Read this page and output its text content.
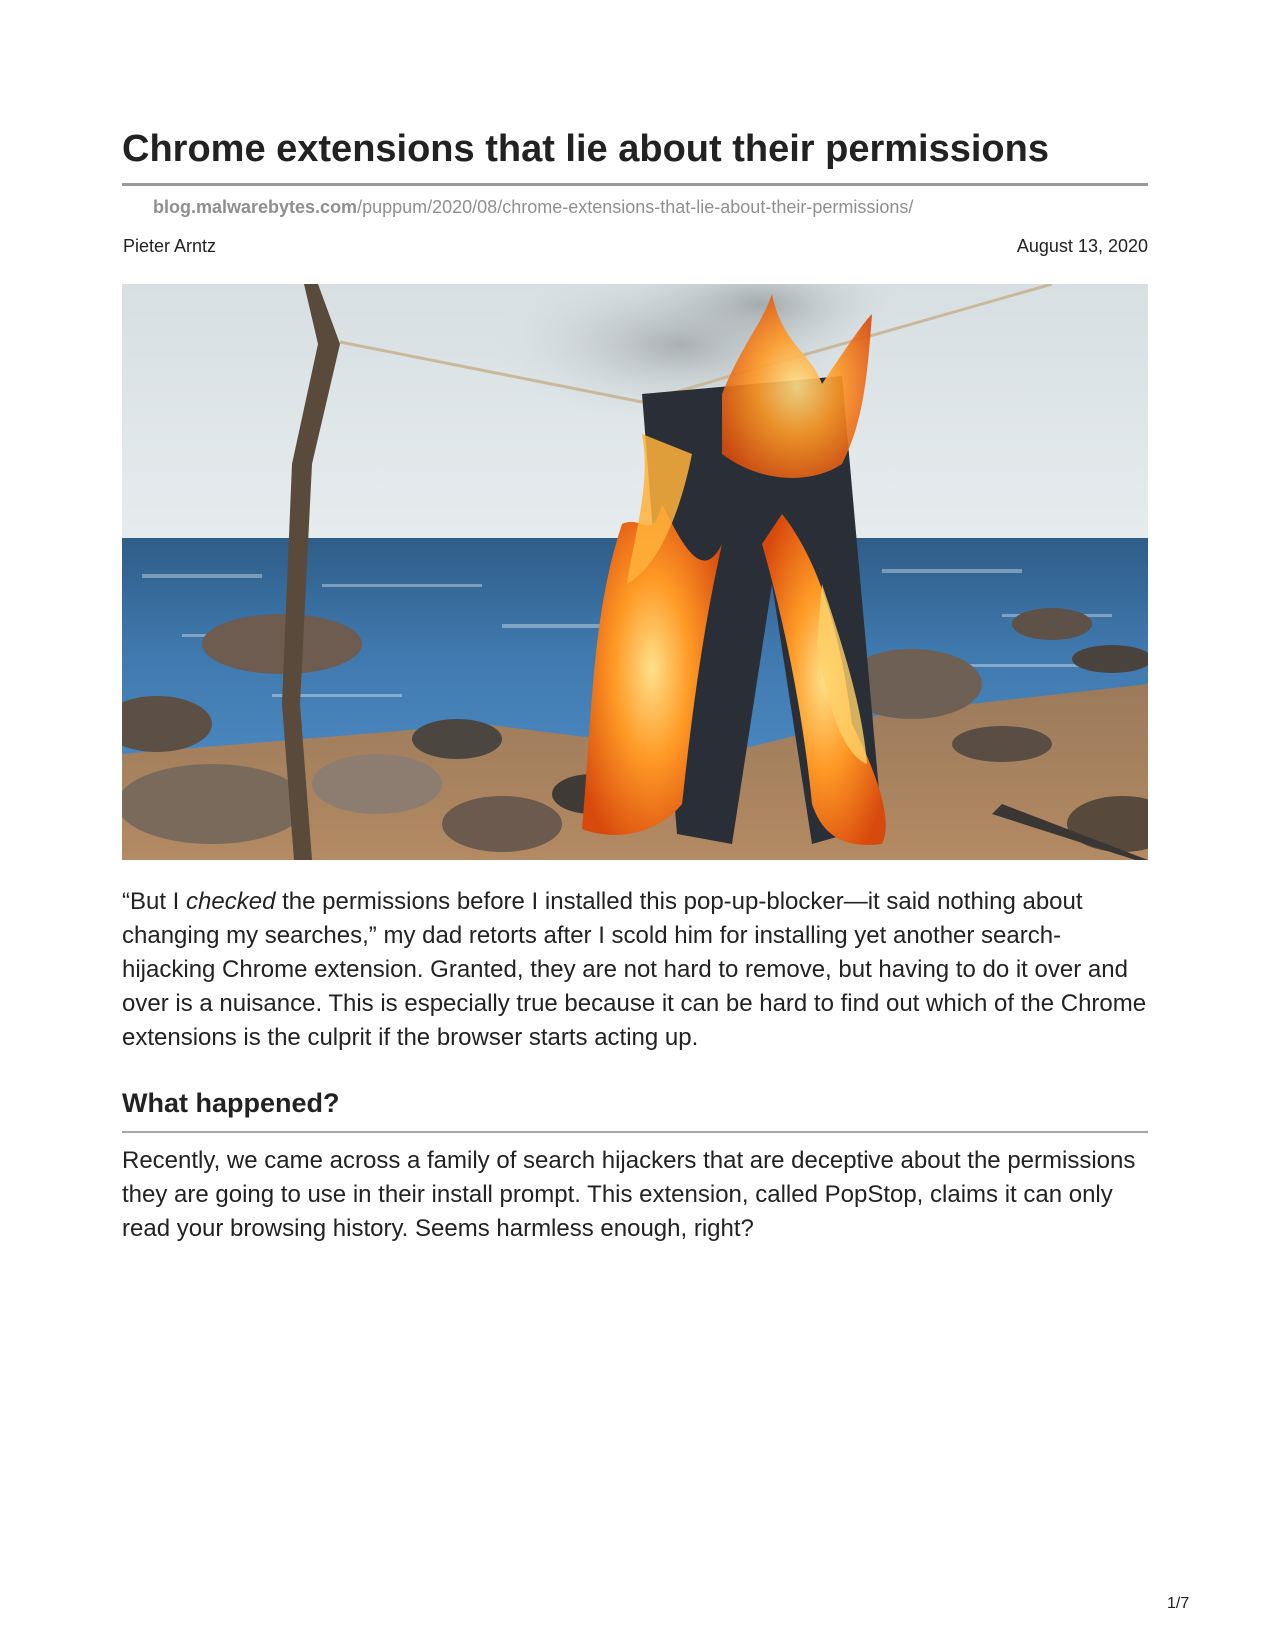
Chrome extensions that lie about their permissions
blog.malwarebytes.com/puppum/2020/08/chrome-extensions-that-lie-about-their-permissions/
Pieter Arntz	August 13, 2020

“But I checked the permissions before I installed this pop-up-blocker—it said nothing about changing my searches,” my dad retorts after I scold him for installing yet another search-hijacking Chrome extension. Granted, they are not hard to remove, but having to do it over and over is a nuisance. This is especially true because it can be hard to find out which of the Chrome extensions is the culprit if the browser starts acting up.

What happened?

Recently, we came across a family of search hijackers that are deceptive about the permissions they are going to use in their install prompt. This extension, called PopStop, claims it can only read your browsing history. Seems harmless enough, right?

1/7
